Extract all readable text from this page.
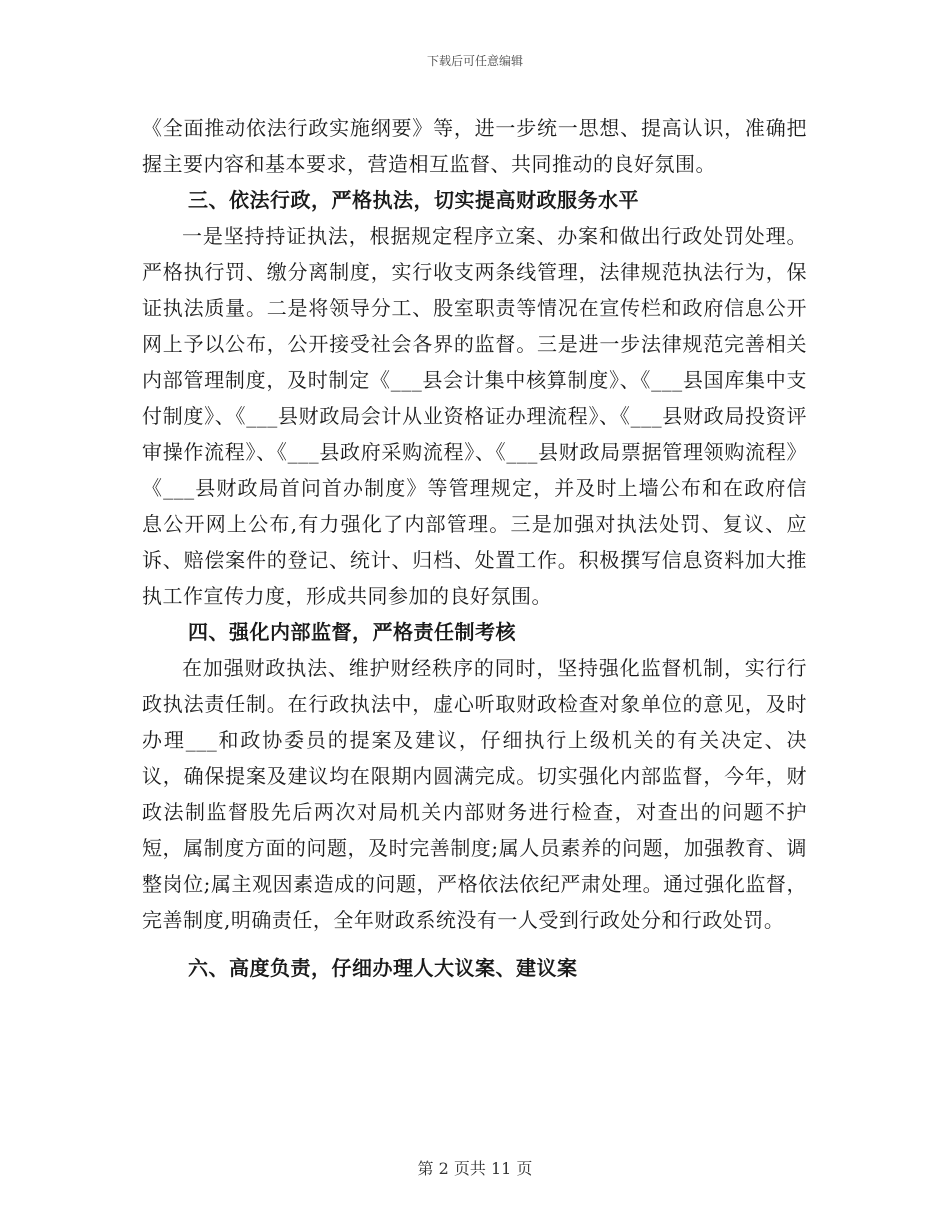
下载后可任意编辑

《全面推动依法行政实施纲要》等，进一步统一思想、提高认识，准确把握主要内容和基本要求，营造相互监督、共同推动的良好氛围。

三、依法行政，严格执法，切实提高财政服务水平

一是坚持持证执法，根据规定程序立案、办案和做出行政处罚处理。严格执行罚、缴分离制度，实行收支两条线管理，法律规范执法行为，保证执法质量。二是将领导分工、股室职责等情况在宣传栏和政府信息公开网上予以公布，公开接受社会各界的监督。三是进一步法律规范完善相关内部管理制度，及时制定《___县会计集中核算制度》、《___县国库集中支付制度》、《___县财政局会计从业资格证办理流程》、《___县财政局投资评审操作流程》、《___县政府采购流程》、《___县财政局票据管理领购流程》《___县财政局首问首办制度》等管理规定，并及时上墙公布和在政府信息公开网上公布,有力强化了内部管理。三是加强对执法处罚、复议、应诉、赔偿案件的登记、统计、归档、处置工作。积极撰写信息资料加大推执工作宣传力度，形成共同参加的良好氛围。

四、强化内部监督，严格责任制考核

在加强财政执法、维护财经秩序的同时，坚持强化监督机制，实行行政执法责任制。在行政执法中，虚心听取财政检查对象单位的意见，及时办理___和政协委员的提案及建议，仔细执行上级机关的有关决定、决议，确保提案及建议均在限期内圆满完成。切实强化内部监督，今年，财政法制监督股先后两次对局机关内部财务进行检查，对查出的问题不护短，属制度方面的问题，及时完善制度;属人员素养的问题，加强教育、调整岗位;属主观因素造成的问题，严格依法依纪严肃处理。通过强化监督，完善制度,明确责任，全年财政系统没有一人受到行政处分和行政处罚。

六、高度负责，仔细办理人大议案、建议案

第 2 页共 11 页
